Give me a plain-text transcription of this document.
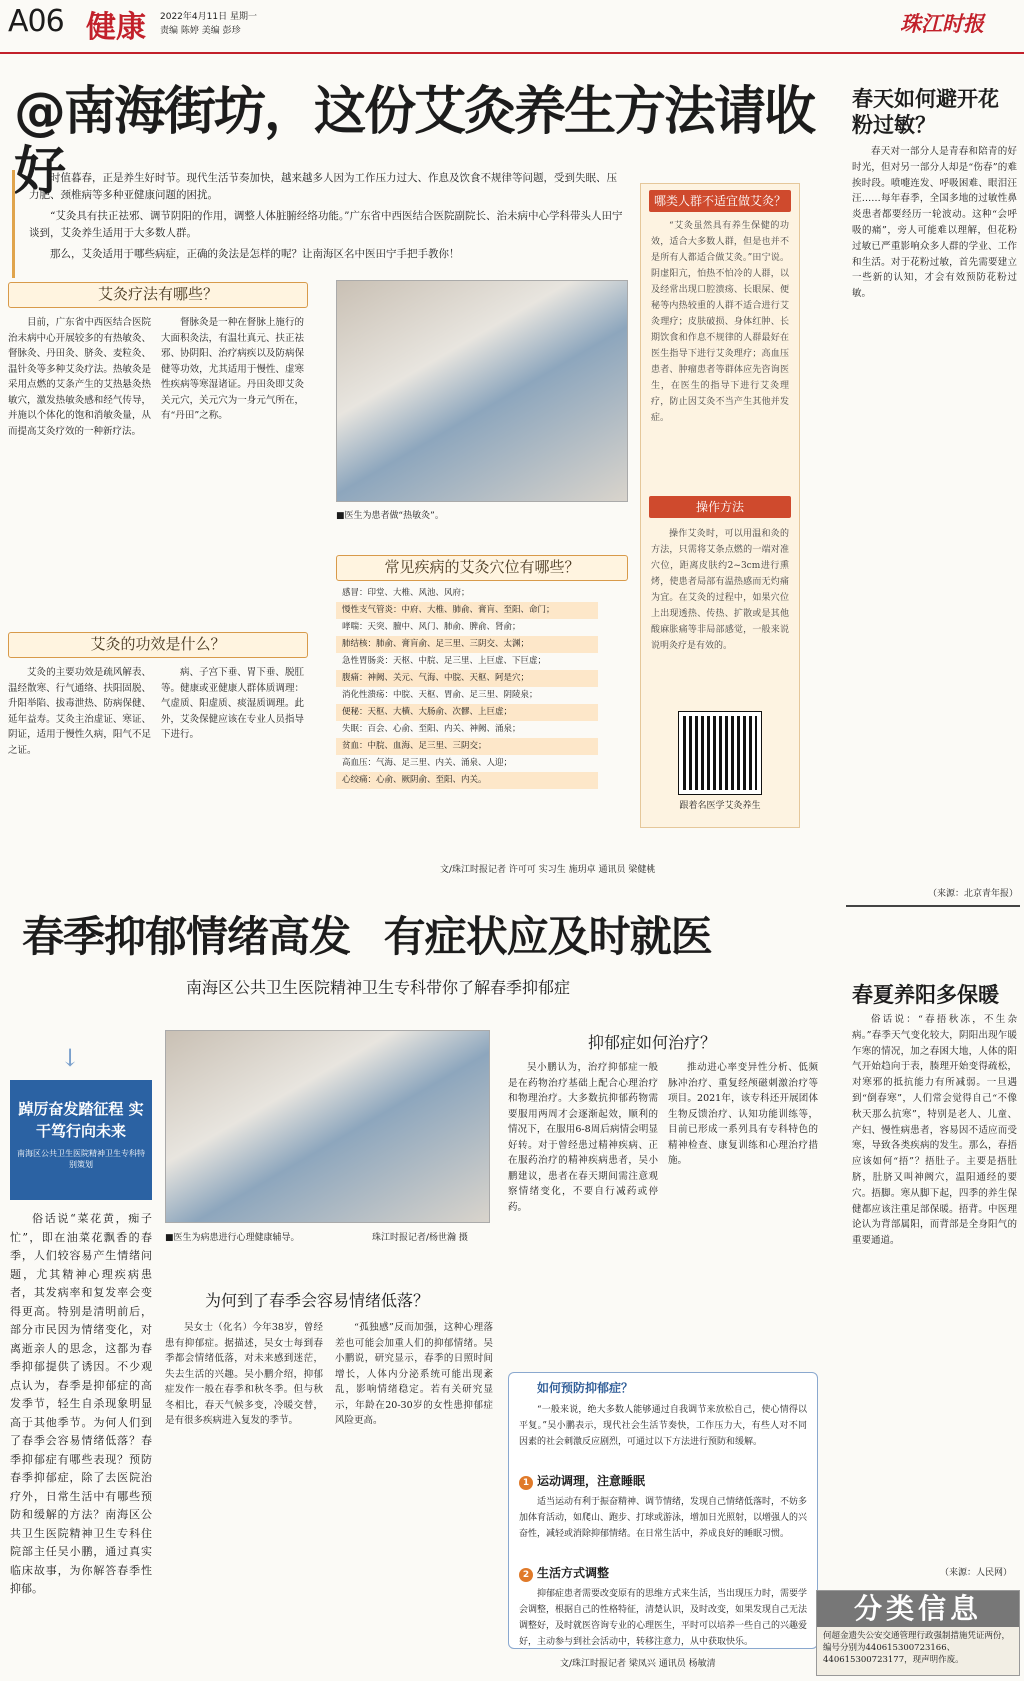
A06 健康 2022年4月11日 星期一
责编 陈婷 美编 彭珍	珠江时报
@南海街坊，这份艾灸养生方法请收好

时值暮春，正是养生好时节。现代生活节奏加快，越来越多人因为工作压力过大、作息及饮食不规律等问题，受到失眠、压力肥、颈椎病等多种亚健康问题的困扰。

“艾灸具有扶正祛邪、调节阴阳的作用，调整人体脏腑经络功能。”广东省中西医结合医院副院长、治未病中心学科带头人田宁谈到，艾灸养生适用于大多数人群。

那么，艾灸适用于哪些病症，正确的灸法是怎样的呢？让南海区名中医田宁手把手教你！

艾灸疗法有哪些？

目前，广东省中西医结合医院治未病中心开展较多的有热敏灸、督脉灸、丹田灸、脐灸、麦粒灸、温针灸等多种艾灸疗法。热敏灸是采用点燃的艾条产生的艾热悬灸热敏穴，激发热敏灸感和经气传导，并施以个体化的饱和消敏灸量，从而提高艾灸疗效的一种新疗法。

督脉灸是一种在督脉上施行的大面积灸法，有温壮真元、扶正祛邪、协阴阳、治疗病疾以及防病保健等功效，尤其适用于慢性、虚寒性疾病等寒湿诸证。丹田灸即艾灸关元穴，关元穴为一身元气所在，有“丹田”之称。

■医生为患者做“热敏灸”。
常见疾病的艾灸穴位有哪些？
感冒：印堂、大椎、风池、风府；
慢性支气管炎：中府、大椎、肺俞、膏肓、至阳、命门；
哮喘：天突、膻中、风门、肺俞、脾俞、肾俞；
肺结核：肺俞、膏肓俞、足三里、三阴交、太渊；
急性胃肠炎：天枢、中脘、足三里、上巨虚、下巨虚；
腹痛：神阙、关元、气海、中脘、天枢、阿是穴；
消化性溃疡：中脘、天枢、胃俞、足三里、阴陵泉；
便秘：天枢、大横、大肠俞、次髎、上巨虚；
失眠：百会、心俞、至阳、内关、神阙、涌泉；
贫血：中脘、血海、足三里、三阴交；
高血压：气海、足三里、内关、涌泉、人迎；
心绞痛：心俞、厥阴俞、至阳、内关。
艾灸的功效是什么？

艾灸的主要功效是疏风解表、温经散寒、行气通络、扶阳固脱、升阳举陷、拔毒泄热、防病保健、延年益寿。艾灸主治虚证、寒证、阴证，适用于慢性久病，阳气不足之证。

病、子宫下垂、胃下垂、脱肛等。健康或亚健康人群体质调理：气虚质、阳虚质、痰湿质调理。此外，艾灸保健应该在专业人员指导下进行。

文/珠江时报记者 许可可 实习生 施玥卓 通讯员 梁健桃
哪类人群不适宜做艾灸？

“艾灸虽然具有养生保健的功效，适合大多数人群，但是也并不是所有人都适合做艾灸。”田宁说。阴虚阳亢，怕热不怕冷的人群，以及经常出现口腔溃疡、长眼屎、便秘等内热较重的人群不适合进行艾灸理疗；皮肤破损、身体红肿、长期饮食和作息不规律的人群最好在医生指导下进行艾灸理疗；高血压患者、肿瘤患者等群体应先咨询医生，在医生的指导下进行艾灸理疗，防止因艾灸不当产生其他并发症。

操作方法

操作艾灸时，可以用温和灸的方法，只需将艾条点燃的一端对准穴位，距离皮肤约2~3cm进行熏烤，使患者局部有温热感而无灼痛为宜。在艾灸的过程中，如果穴位上出现透热、传热、扩散或是其他酸麻胀痛等非局部感觉，一般来说说明灸疗是有效的。

跟着名医学艾灸养生
春天如何避开花粉过敏？

春天对一部分人是青春和陪青的好时光，但对另一部分人却是“伤春”的难挨时段。喷嚏连发、呼吸困难、眼泪汪汪……每年春季，全国多地的过敏性鼻炎患者都要经历一轮波动。这种“会呼吸的痛”，旁人可能难以理解，但花粉过敏已严重影响众多人群的学业、工作和生活。对于花粉过敏，首先需要建立一些新的认知，才会有效预防花粉过敏。

（来源：北京青年报）
春季抑郁情绪高发 有症状应及时就医
南海区公共卫生医院精神卫生专科带你了解春季抑郁症
↓
踔厉奋发踏征程 实干笃行向未来
南海区公共卫生医院精神卫生专科特别策划

俗话说“菜花黄，痴子忙”，即在油菜花飘香的春季，人们较容易产生情绪问题，尤其精神心理疾病患者，其发病率和复发率会变得更高。特别是清明前后，部分市民因为情绪变化，对离逝亲人的思念，这都为春季抑郁提供了诱因。不少观点认为，春季是抑郁症的高发季节，轻生自杀现象明显高于其他季节。为何人们到了春季会容易情绪低落？春季抑郁症有哪些表现？预防春季抑郁症，除了去医院治疗外，日常生活中有哪些预防和缓解的方法？南海区公共卫生医院精神卫生专科住院部主任吴小鹏，通过真实临床故事，为你解答春季性抑郁。

■医生为病患进行心理健康辅导。	珠江时报记者/杨世瀚 摄
为何到了春季会容易情绪低落？

吴女士（化名）今年38岁，曾经患有抑郁症。据描述，吴女士每到春季都会情绪低落，对未来感到迷茫，失去生活的兴趣。吴小鹏介绍，抑郁症发作一般在春季和秋冬季。但与秋冬相比，春天气候多变，冷暖交替，是有很多疾病进入复发的季节。

“孤独感”反而加强，这种心理落差也可能会加重人们的抑郁情绪。吴小鹏说，研究显示，春季的日照时间增长，人体内分泌系统可能出现紊乱，影响情绪稳定。若有关研究显示，年龄在20-30岁的女性患抑郁症风险更高。

抑郁症如何治疗？

吴小鹏认为，治疗抑郁症一般是在药物治疗基础上配合心理治疗和物理治疗。大多数抗抑郁药物需要服用两周才会逐渐起效，顺利的情况下，在服用6-8周后病情会明显好转。对于曾经患过精神疾病、正在服药治疗的精神疾病患者，吴小鹏建议，患者在春天期间需注意观察情绪变化，不要自行减药或停药。

推动进心率变异性分析、低频脉冲治疗、重复经颅磁刺激治疗等项目。2021年，该专科还开展团体生物反馈治疗、认知功能训练等，目前已形成一系列具有专科特色的精神检查、康复训练和心理治疗措施。

如何预防抑郁症？

“一般来说，绝大多数人能够通过自我调节来放松自己，使心情得以平复。”吴小鹏表示，现代社会生活节奏快，工作压力大，有些人对不同因素的社会刺激反应剧烈，可通过以下方法进行预防和缓解。

1 运动调理，注意睡眠

适当运动有利于振奋精神、调节情绪，发现自己情绪低落时，不妨多加体育活动，如爬山、跑步、打球或游泳，增加日光照射，以增强人的兴奋性，减轻或消除抑郁情绪。在日常生活中，养成良好的睡眠习惯。

2 生活方式调整

抑郁症患者需要改变原有的思维方式来生活，当出现压力时，需要学会调整，根据自己的性格特征，清楚认识，及时改变，如果发现自己无法调整好，及时就医咨询专业的心理医生，平时可以培养一些自己的兴趣爱好，主动参与到社会活动中，转移注意力，从中获取快乐。

文/珠江时报记者 梁凤兴 通讯员 杨敏清
春夏养阳多保暖

俗话说：“春捂秋冻，不生杂病。”春季天气变化较大，阴阳出现乍暖乍寒的情况，加之春困大地，人体的阳气开始趋向于表，腠理开始变得疏松，对寒邪的抵抗能力有所减弱。一旦遇到“倒春寒”，人们常会觉得自己“不像秋天那么抗寒”，特别是老人、儿童、产妇、慢性病患者，容易因不适应而受寒，导致各类疾病的发生。那么，春捂应该如何“捂”？捂肚子。主要是捂肚脐，肚脐又叫神阙穴，温阳通经的要穴。捂脚。寒从脚下起，四季的养生保健都应该注重足部保暖。捂背。中医理论认为背部属阳，而背部是全身阳气的重要通道。

（来源：人民网）
分类信息
何超金遗失公安交通管理行政强制措施凭证两份，编号分别为440615300723166、440615300723177，现声明作废。
